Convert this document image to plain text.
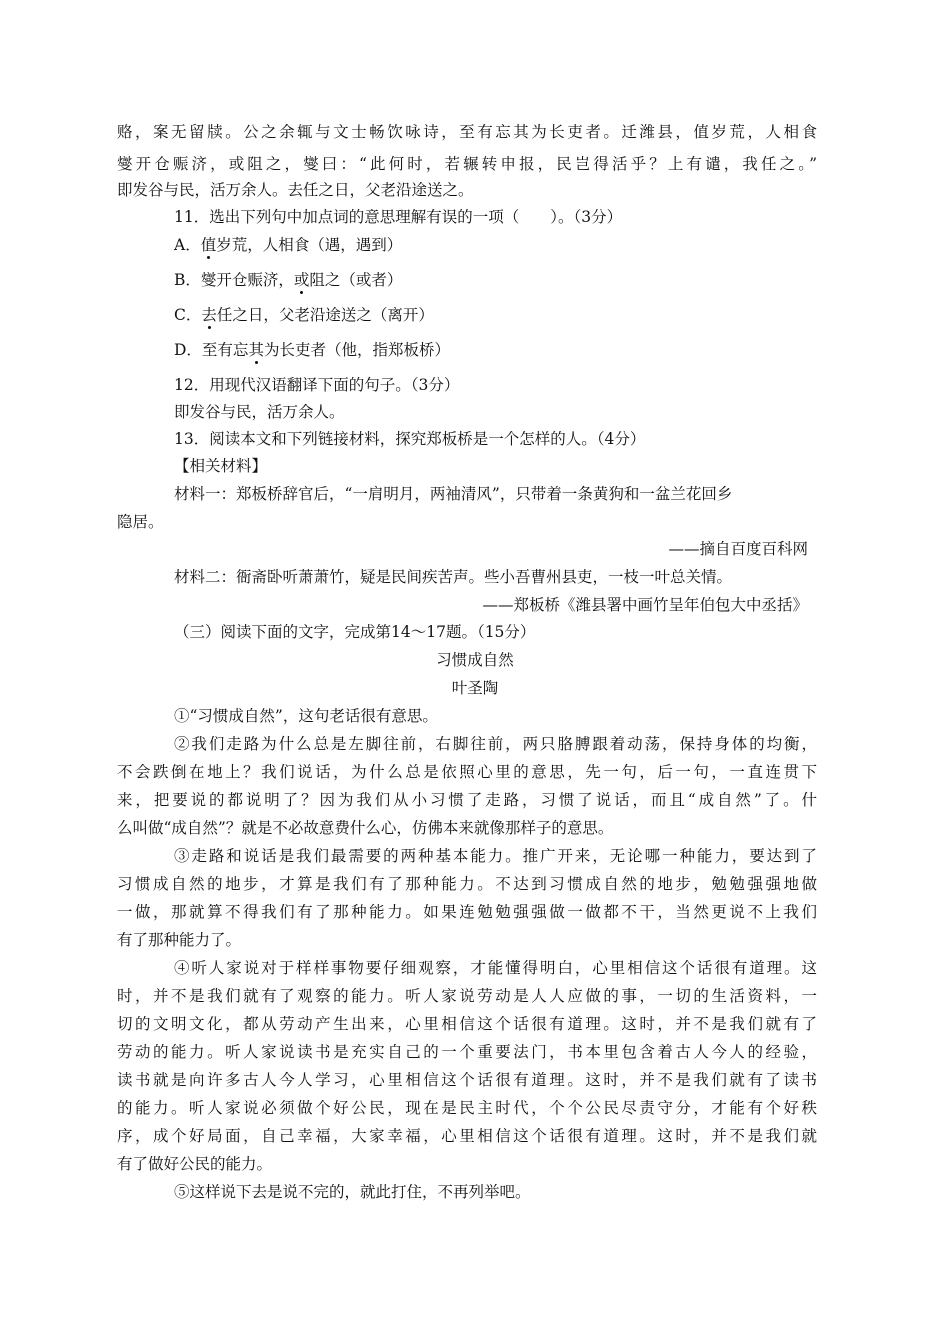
赂，案无留牍。公之余辄与文士畅饮咏诗，至有忘其为长吏者。迁潍县，值岁荒，人相食
燮开仓赈济，或阻之，燮曰：“此何时，若辗转申报，民岂得活乎？上有谴，我任之。”
即发谷与民，活万余人。去任之日，父老沿途送之。
11．选出下列句中加点词的意思理解有误的一项（　　）。（3分）
A．值岁荒，人相食（遇，遇到）
B．燮开仓赈济，或阻之（或者）
C．去任之日，父老沿途送之（离开）
D．至有忘其为长吏者（他，指郑板桥）
12．用现代汉语翻译下面的句子。（3分）
即发谷与民，活万余人。
13．阅读本文和下列链接材料，探究郑板桥是一个怎样的人。（4分）
【相关材料】
材料一：郑板桥辞官后，“一肩明月，两袖清风”，只带着一条黄狗和一盆兰花回乡
隐居。
——摘自百度百科网
材料二：衙斋卧听萧萧竹，疑是民间疾苦声。些小吾曹州县吏，一枝一叶总关情。
——郑板桥《潍县署中画竹呈年伯包大中丞括》
（三）阅读下面的文字，完成第14～17题。（15分）
习惯成自然
叶圣陶
①“习惯成自然”，这句老话很有意思。
②我们走路为什么总是左脚往前，右脚往前，两只胳膊跟着动荡，保持身体的均衡，
不会跌倒在地上？我们说话，为什么总是依照心里的意思，先一句，后一句，一直连贯下
来，把要说的都说明了？因为我们从小习惯了走路，习惯了说话，而且“成自然”了。什
么叫做“成自然”？就是不必故意费什么心，仿佛本来就像那样子的意思。
③走路和说话是我们最需要的两种基本能力。推广开来，无论哪一种能力，要达到了
习惯成自然的地步，才算是我们有了那种能力。不达到习惯成自然的地步，勉勉强强地做
一做，那就算不得我们有了那种能力。如果连勉勉强强做一做都不干，当然更说不上我们
有了那种能力了。
④听人家说对于样样事物要仔细观察，才能懂得明白，心里相信这个话很有道理。这
时，并不是我们就有了观察的能力。听人家说劳动是人人应做的事，一切的生活资料，一
切的文明文化，都从劳动产生出来，心里相信这个话很有道理。这时，并不是我们就有了
劳动的能力。听人家说读书是充实自己的一个重要法门，书本里包含着古人今人的经验，
读书就是向许多古人今人学习，心里相信这个话很有道理。这时，并不是我们就有了读书
的能力。听人家说必须做个好公民，现在是民主时代，个个公民尽责守分，才能有个好秩
序，成个好局面，自己幸福，大家幸福，心里相信这个话很有道理。这时，并不是我们就
有了做好公民的能力。
⑤这样说下去是说不完的，就此打住，不再列举吧。
